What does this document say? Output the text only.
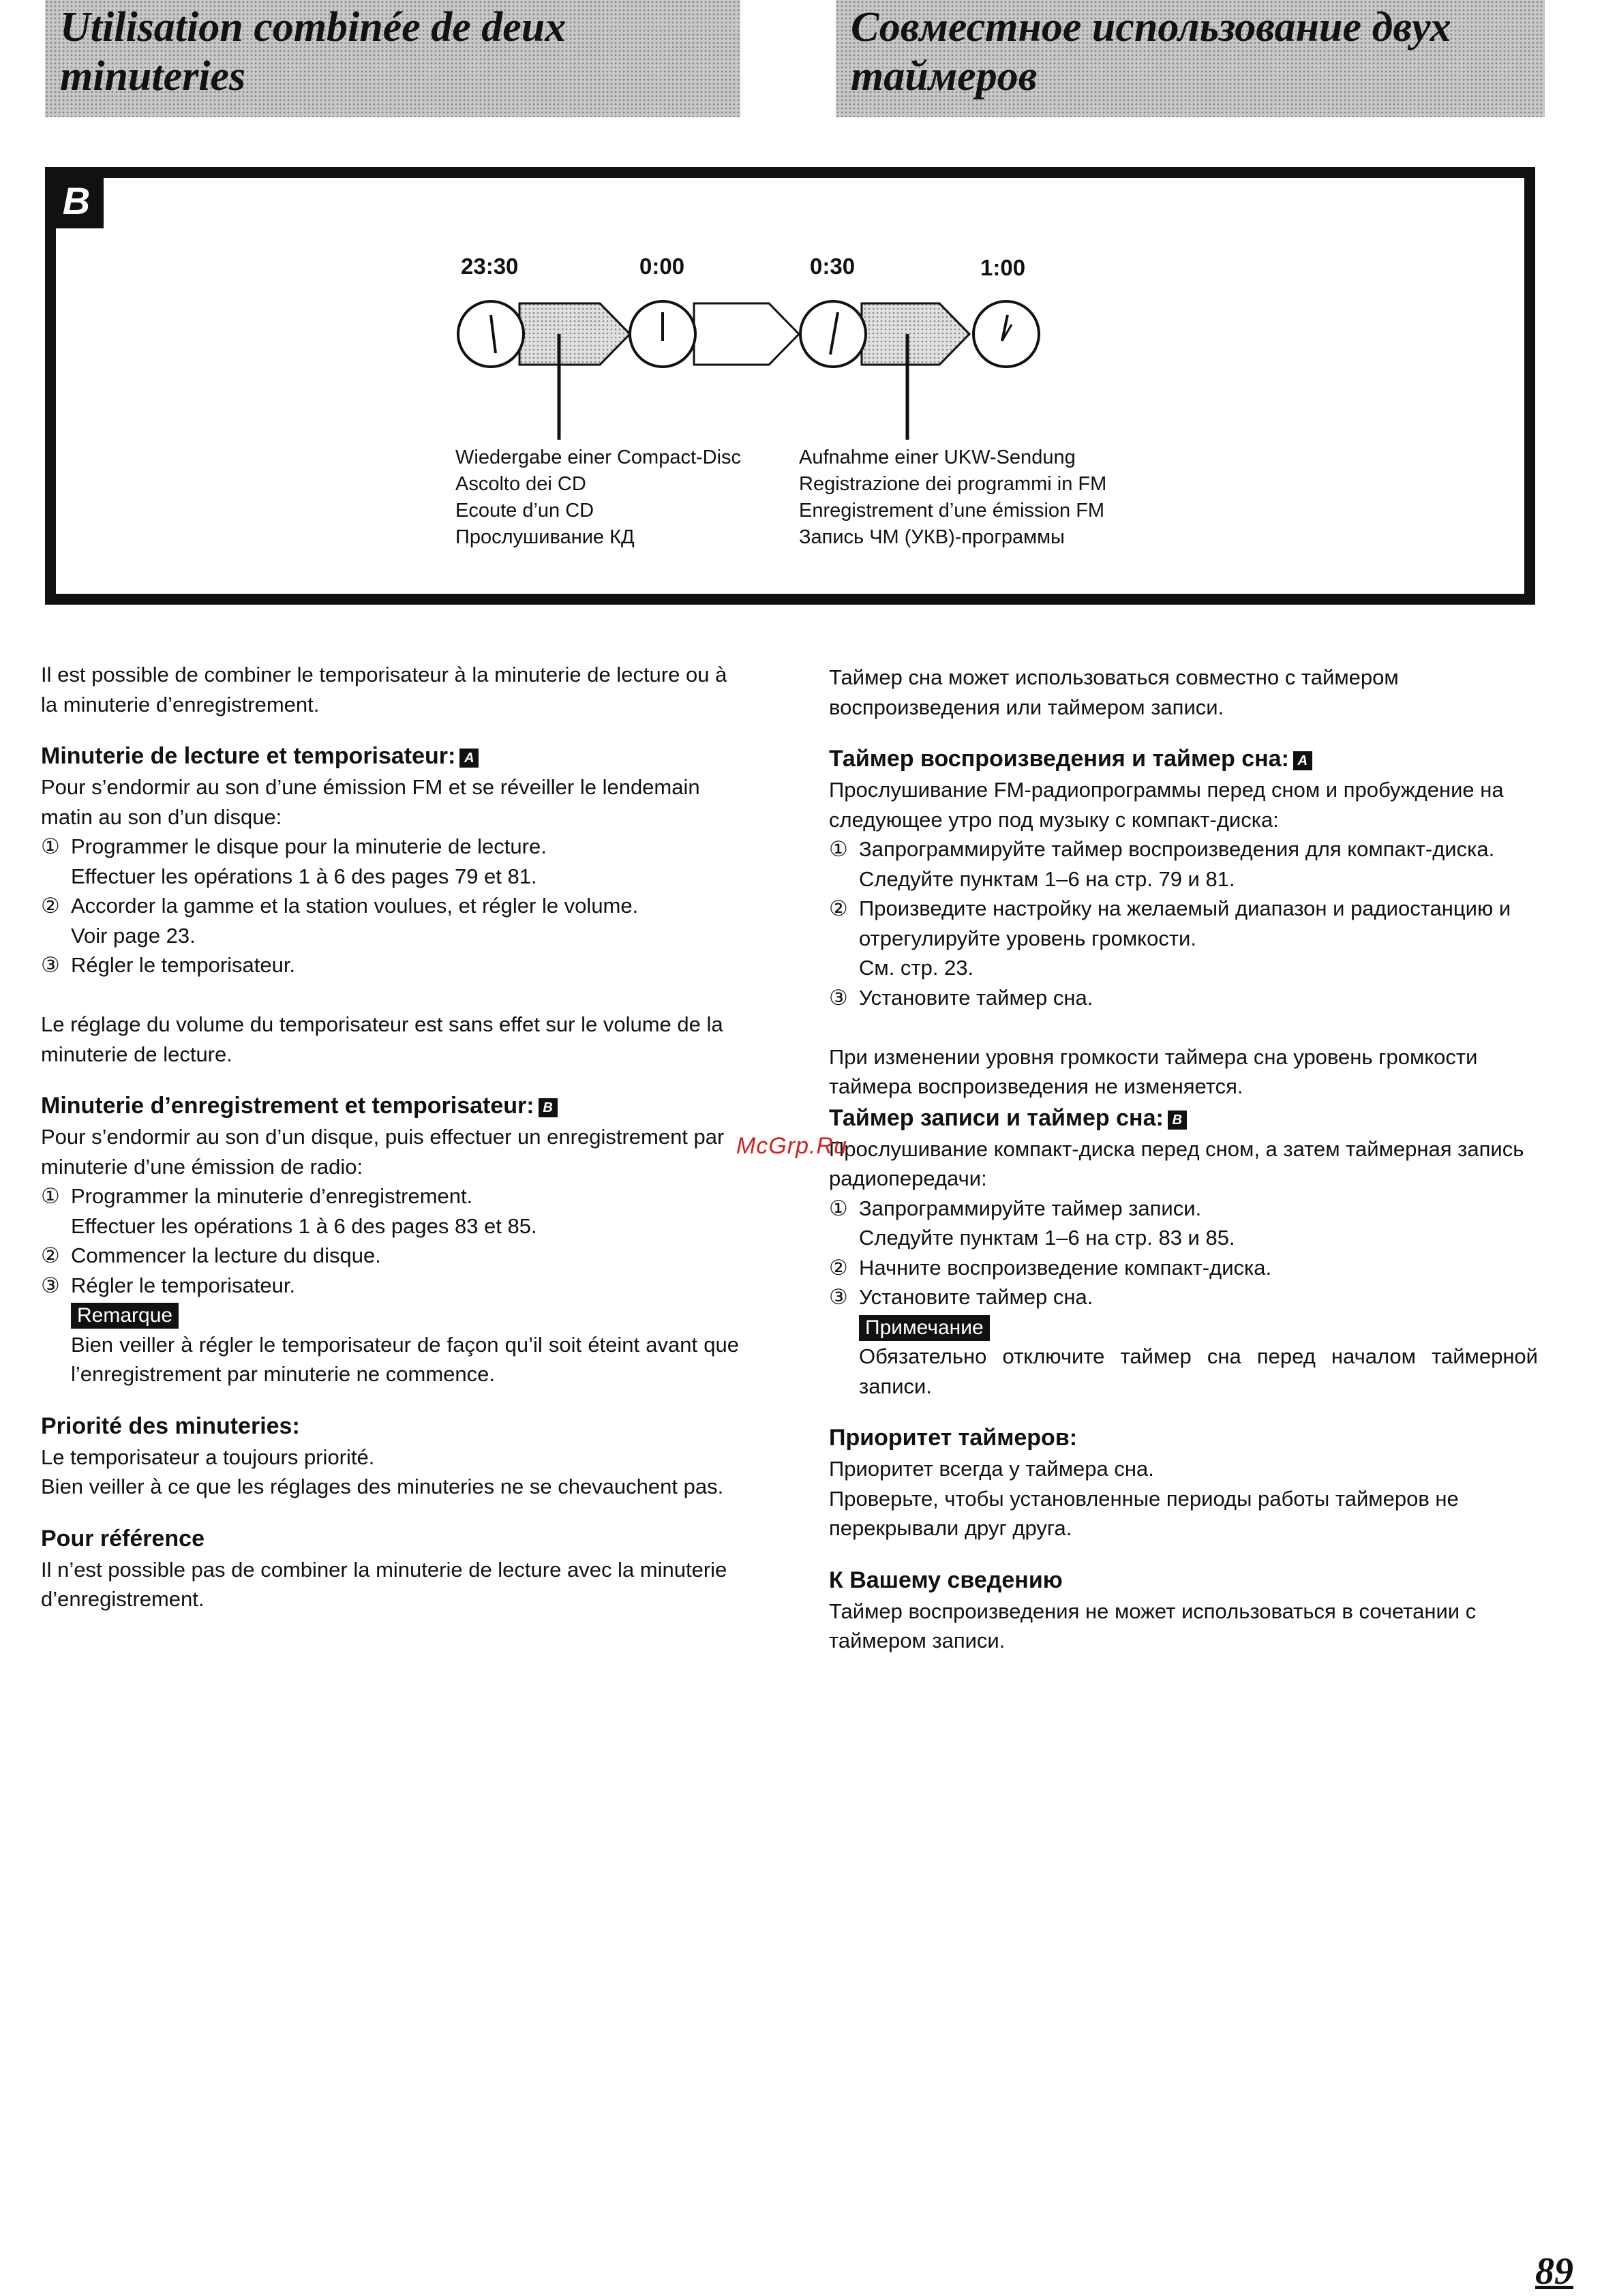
Utilisation combinée de deux minuteries
Совместное использование двух таймеров
B
23:30	0:00	0:30	1:00
Wiedergabe einer Compact-Disc
Ascolto dei CD
Ecoute d’un CD
Прослушивание КД
Aufnahme einer UKW-Sendung
Registrazione dei programmi in FM
Enregistrement d’une émission FM
Запись ЧМ (УКВ)-программы

Il est possible de combiner le temporisateur à la minuterie de lecture ou à la minuterie d’enregistrement.

Minuterie de lecture et temporisateur: A

Pour s’endormir au son d’une émission FM et se réveiller le lendemain matin au son d’un disque:

① Programmer le disque pour la minuterie de lecture.

Effectuer les opérations 1 à 6 des pages 79 et 81.

② Accorder la gamme et la station voulues, et régler le volume.

Voir page 23.

③ Régler le temporisateur.

Le réglage du volume du temporisateur est sans effet sur le volume de la minuterie de lecture.

Minuterie d’enregistrement et temporisateur: B

Pour s’endormir au son d’un disque, puis effectuer un enregistrement par minuterie d’une émission de radio:

① Programmer la minuterie d’enregistrement.

Effectuer les opérations 1 à 6 des pages 83 et 85.

② Commencer la lecture du disque.
③ Régler le temporisateur.
Remarque

Bien veiller à régler le temporisateur de façon qu’il soit éteint avant que l’enregistrement par minuterie ne commence.

Priorité des minuteries:

Le temporisateur a toujours priorité.

Bien veiller à ce que les réglages des minuteries ne se chevauchent pas.

Pour référence

Il n’est possible pas de combiner la minuterie de lecture avec la minuterie d’enregistrement.

Таймер сна может использоваться совместно с таймером воспроизведения или таймером записи.

Таймер воспроизведения и таймер сна: A

Прослушивание FM-радиопрограммы перед сном и пробуждение на следующее утро под музыку с компакт-диска:

① Запрограммируйте таймер воспроизведения для компакт-диска.

Следуйте пунктам 1–6 на стр. 79 и 81.

② Произведите настройку на желаемый диапазон и радиостанцию и отрегулируйте уровень громкости.

См. стр. 23.

③ Установите таймер сна.

При изменении уровня громкости таймера сна уровень громкости таймера воспроизведения не изменяется.

Таймер записи и таймер сна: B

Прослушивание компакт-диска перед сном, а затем таймерная запись радиопередачи:

① Запрограммируйте таймер записи.

Следуйте пунктам 1–6 на стр. 83 и 85.

② Начните воспроизведение компакт-диска.
③ Установите таймер сна.
Примечание

Обязательно отключите таймер сна перед началом таймерной записи.

Приоритет таймеров:

Приоритет всегда у таймера сна.

Проверьте, чтобы установленные периоды работы таймеров не перекрывали друг друга.

К Вашему сведению

Таймер воспроизведения не может использоваться в сочетании с таймером записи.

McGrp.Ru
89
